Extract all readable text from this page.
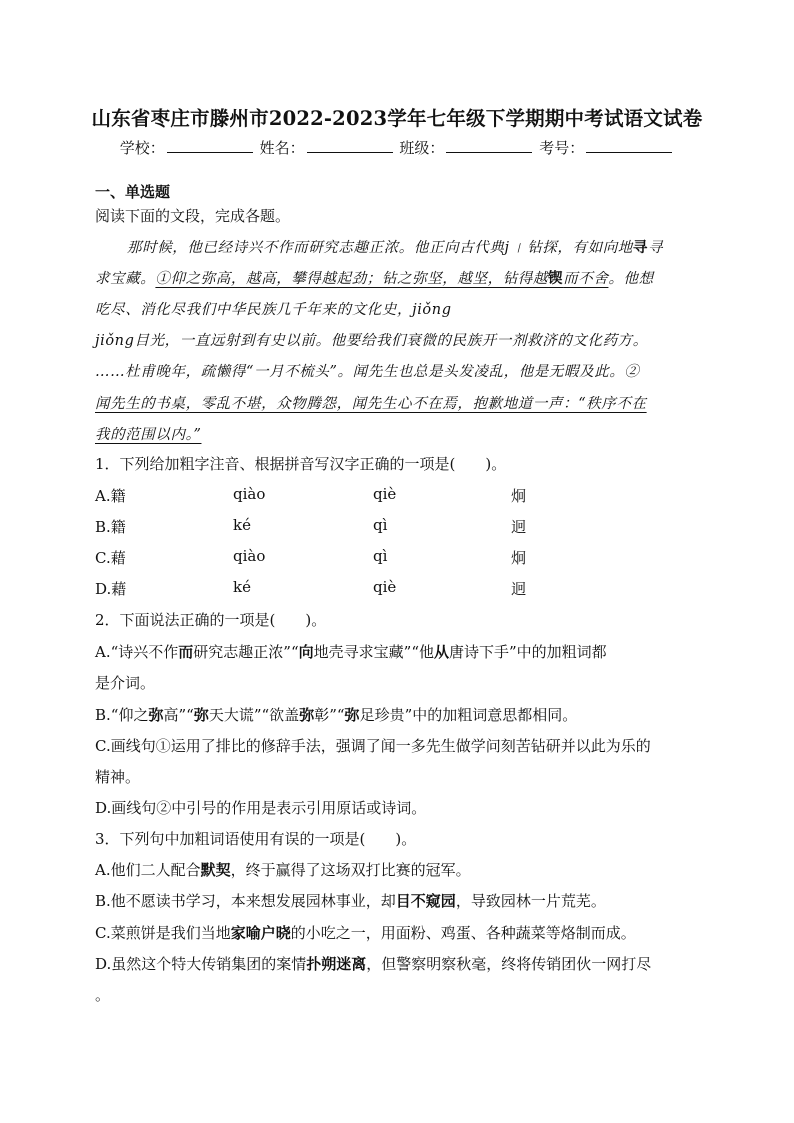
山东省枣庄市滕州市2022-2023学年七年级下学期期中考试语文试卷
学校：	姓名：	班级：	考号：
一、单选题
阅读下面的文段，完成各题。
那时候，他已经诗兴不作而研究志趣正浓。他正向古代典j 〡 钻探，有如向地寻寻
求宝藏。①仰之弥高，越高，攀得越起劲；钻之弥坚，越坚，钻得越锲而不舍。他想
吃尽、消化尽我们中华民族几千年来的文化史，jiǒng
jiǒng目光，一直远射到有史以前。他要给我们衰微的民族开一剂救济的文化药方。
……杜甫晚年，疏懒得“一月不梳头”。闻先生也总是头发凌乱，他是无暇及此。②
闻先生的书桌，零乱不堪，众物腾怨，闻先生心不在焉，抱歉地道一声：“秩序不在
我的范围以内。”
1．下列给加粗字注音、根据拼音写汉字正确的一项是(　　)。
A.籍	qiào	qiè	炯
B.籍	ké	qì	迥
C.藉	qiào	qì	炯
D.藉	ké	qiè	迥
2．下面说法正确的一项是(　　)。
A.“诗兴不作而研究志趣正浓”“向地壳寻求宝藏”“他从唐诗下手”中的加粗词都
是介词。
B.“仰之弥高”“弥天大谎”“欲盖弥彰”“弥足珍贵”中的加粗词意思都相同。
C.画线句①运用了排比的修辞手法，强调了闻一多先生做学问刻苦钻研并以此为乐的
精神。
D.画线句②中引号的作用是表示引用原话或诗词。
3．下列句中加粗词语使用有误的一项是(　　)。
A.他们二人配合默契，终于赢得了这场双打比赛的冠军。
B.他不愿读书学习，本来想发展园林事业，却目不窥园，导致园林一片荒芜。
C.菜煎饼是我们当地家喻户晓的小吃之一，用面粉、鸡蛋、各种蔬菜等烙制而成。
D.虽然这个特大传销集团的案情扑朔迷离，但警察明察秋毫，终将传销团伙一网打尽
。
